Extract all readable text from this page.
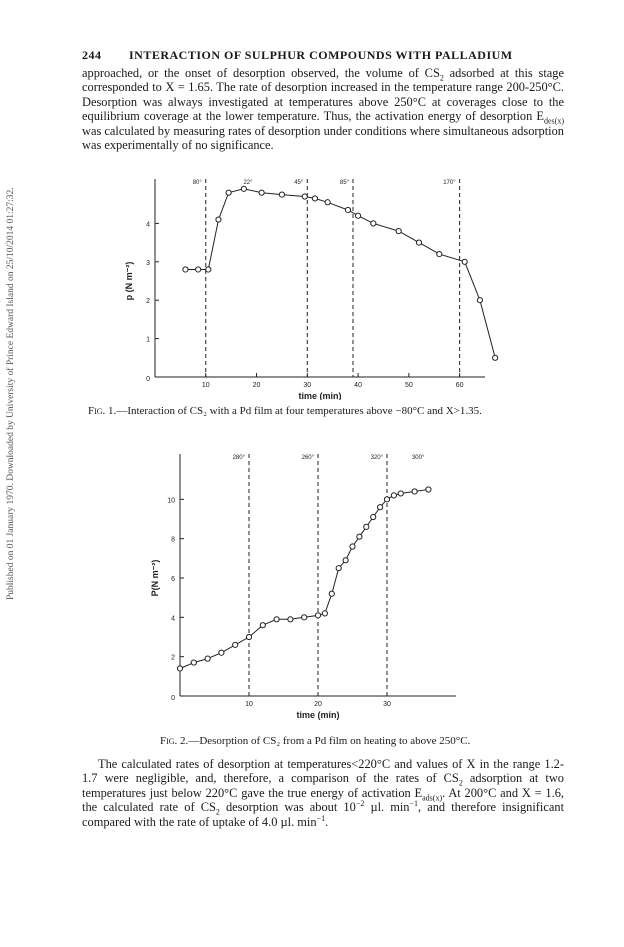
Published on 01 January 1970. Downloaded by University of Prince Edward Island on 25/10/2014 01:27:32.
244 INTERACTION OF SULPHUR COMPOUNDS WITH PALLADIUM
approached, or the onset of desorption observed, the volume of $CS_2$ adsorbed at this stage corresponded to X = 1.65. The rate of desorption increased in the temperature range 200-250°C. Desorption was always investigated at temperatures above 250°C at coverages close to the equilibrium coverage at the lower temperature. Thus, the activation energy of desorption $E_{des(x)}$ was calculated by measuring rates of desorption under conditions where simultaneous adsorption was experimentally of no significance.
0
10	20	30	40	50	60
1
2
3
4
80°	22°	45°	85°	170°
time (min)
p (N m⁻²)
Fig. 1.—Interaction of CS₂ with a Pd film at four temperatures above −80°C and X>1.35.
0
10	20	30
2
4
6
8
10
280°	260°	320°	300°
time (min)
P(N m⁻²)
Fig. 2.—Desorption of CS₂ from a Pd film on heating to above 250°C.
The calculated rates of desorption at temperatures<220°C and values of X in the range 1.2-1.7 were negligible, and, therefore, a comparison of the rates of $CS_2$ adsorption at two temperatures just below 220°C gave the true energy of activation $E_{ads(x)}$. At 200°C and X = 1.6, the calculated rate of $CS_2$ desorption was about $10^{-2}$ µl. $\min^{-1}$, and therefore insignificant compared with the rate of uptake of 4.0 µl. $\min^{-1}$.
